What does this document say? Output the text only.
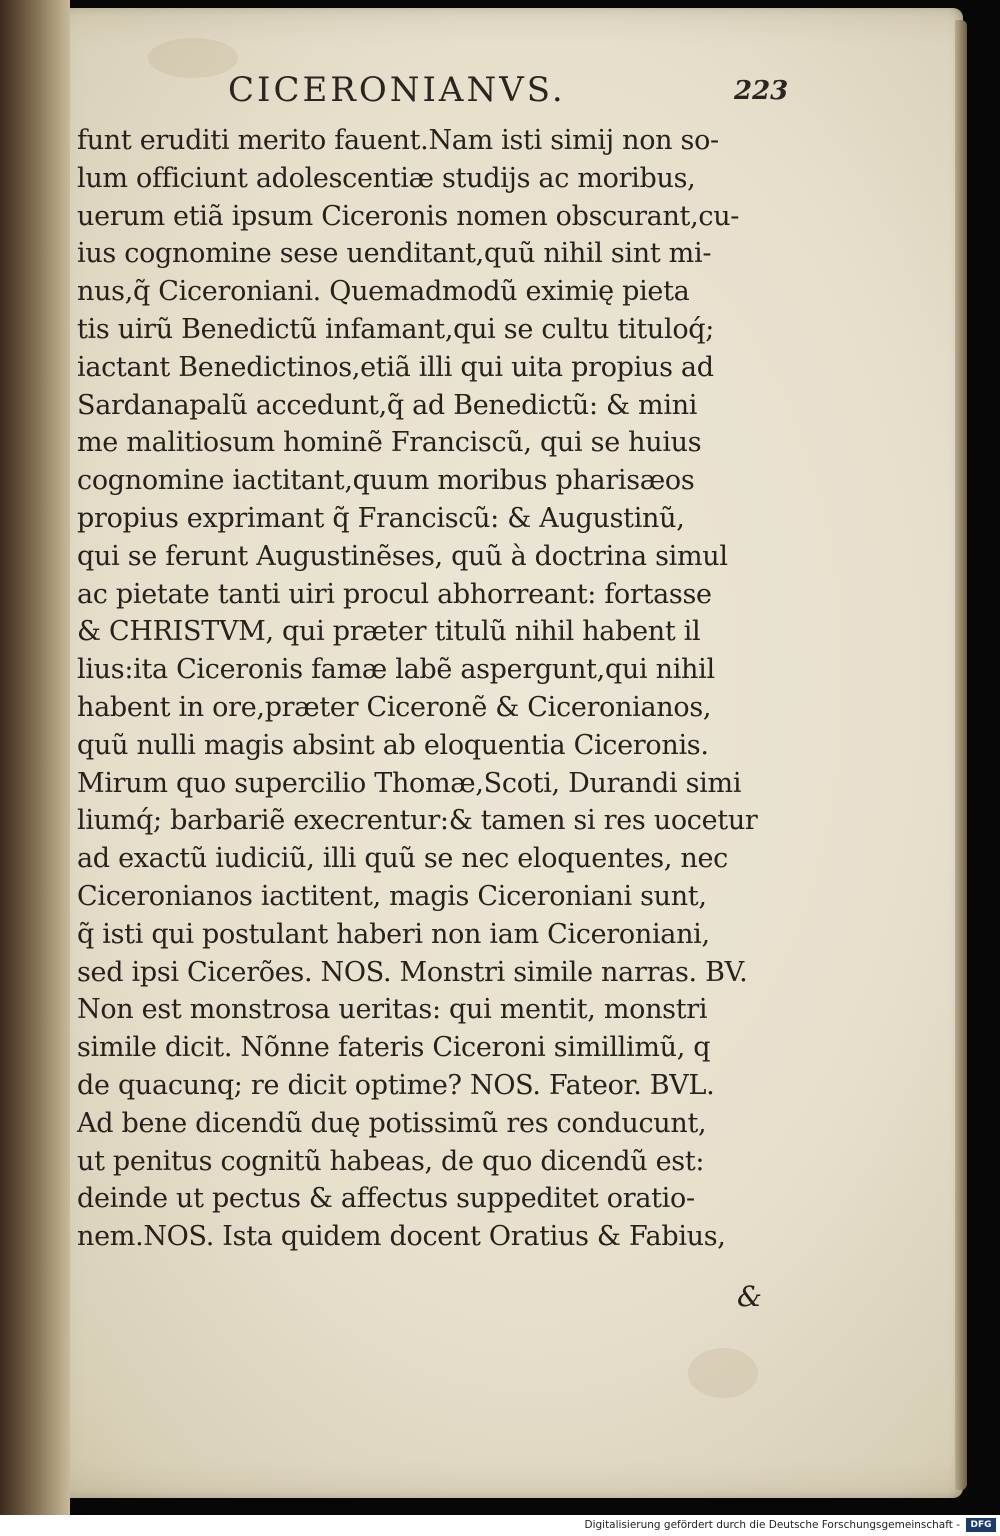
CICERONIANVS.	223
funt eruditi merito fauent.Nam isti simij non so-
lum officiunt adolescentiæ studijs ac moribus,
uerum etiã ipsum Ciceronis nomen obscurant,cu-
ius cognomine sese uenditant,quũ nihil sint mi-
nus,q̃ Ciceroniani. Quemadmodũ eximię pieta
tis uirũ Benedictũ infamant,qui se cultu tituloq́;
iactant Benedictinos,etiã illi qui uita propius ad
Sardanapalũ accedunt,q̃ ad Benedictũ: & mini
me malitiosum hominẽ Franciscũ, qui se huius
cognomine iactitant,quum moribus pharisæos
propius exprimant q̃ Franciscũ: & Augustinũ,
qui se ferunt Augustinẽses, quũ à doctrina simul
ac pietate tanti uiri procul abhorreant: fortasse
& CHRISTVM, qui præter titulũ nihil habent il
lius:ita Ciceronis famæ labẽ aspergunt,qui nihil
habent in ore,præter Ciceronẽ & Ciceronianos,
quũ nulli magis absint ab eloquentia Ciceronis.
Mirum quo supercilio Thomæ,Scoti, Durandi simi
liumq́; barbariẽ execrentur:& tamen si res uocetur
ad exactũ iudiciũ, illi quũ se nec eloquentes, nec
Ciceronianos iactitent, magis Ciceroniani sunt,
q̃ isti qui postulant haberi non iam Ciceroniani,
sed ipsi Cicerões. NOS. Monstri simile narras. BV.
Non est monstrosa ueritas: qui mentit, monstri
simile dicit. Nõnne fateris Ciceroni simillimũ, q
de quacunq; re dicit optime? NOS. Fateor. BVL.
Ad bene dicendũ duę potissimũ res conducunt,
ut penitus cognitũ habeas, de quo dicendũ est:
deinde ut pectus & affectus suppeditet oratio-
nem.NOS. Ista quidem docent Oratius & Fabius,
&
Digitalisierung gefördert durch die Deutsche Forschungsgemeinschaft -	DFG
